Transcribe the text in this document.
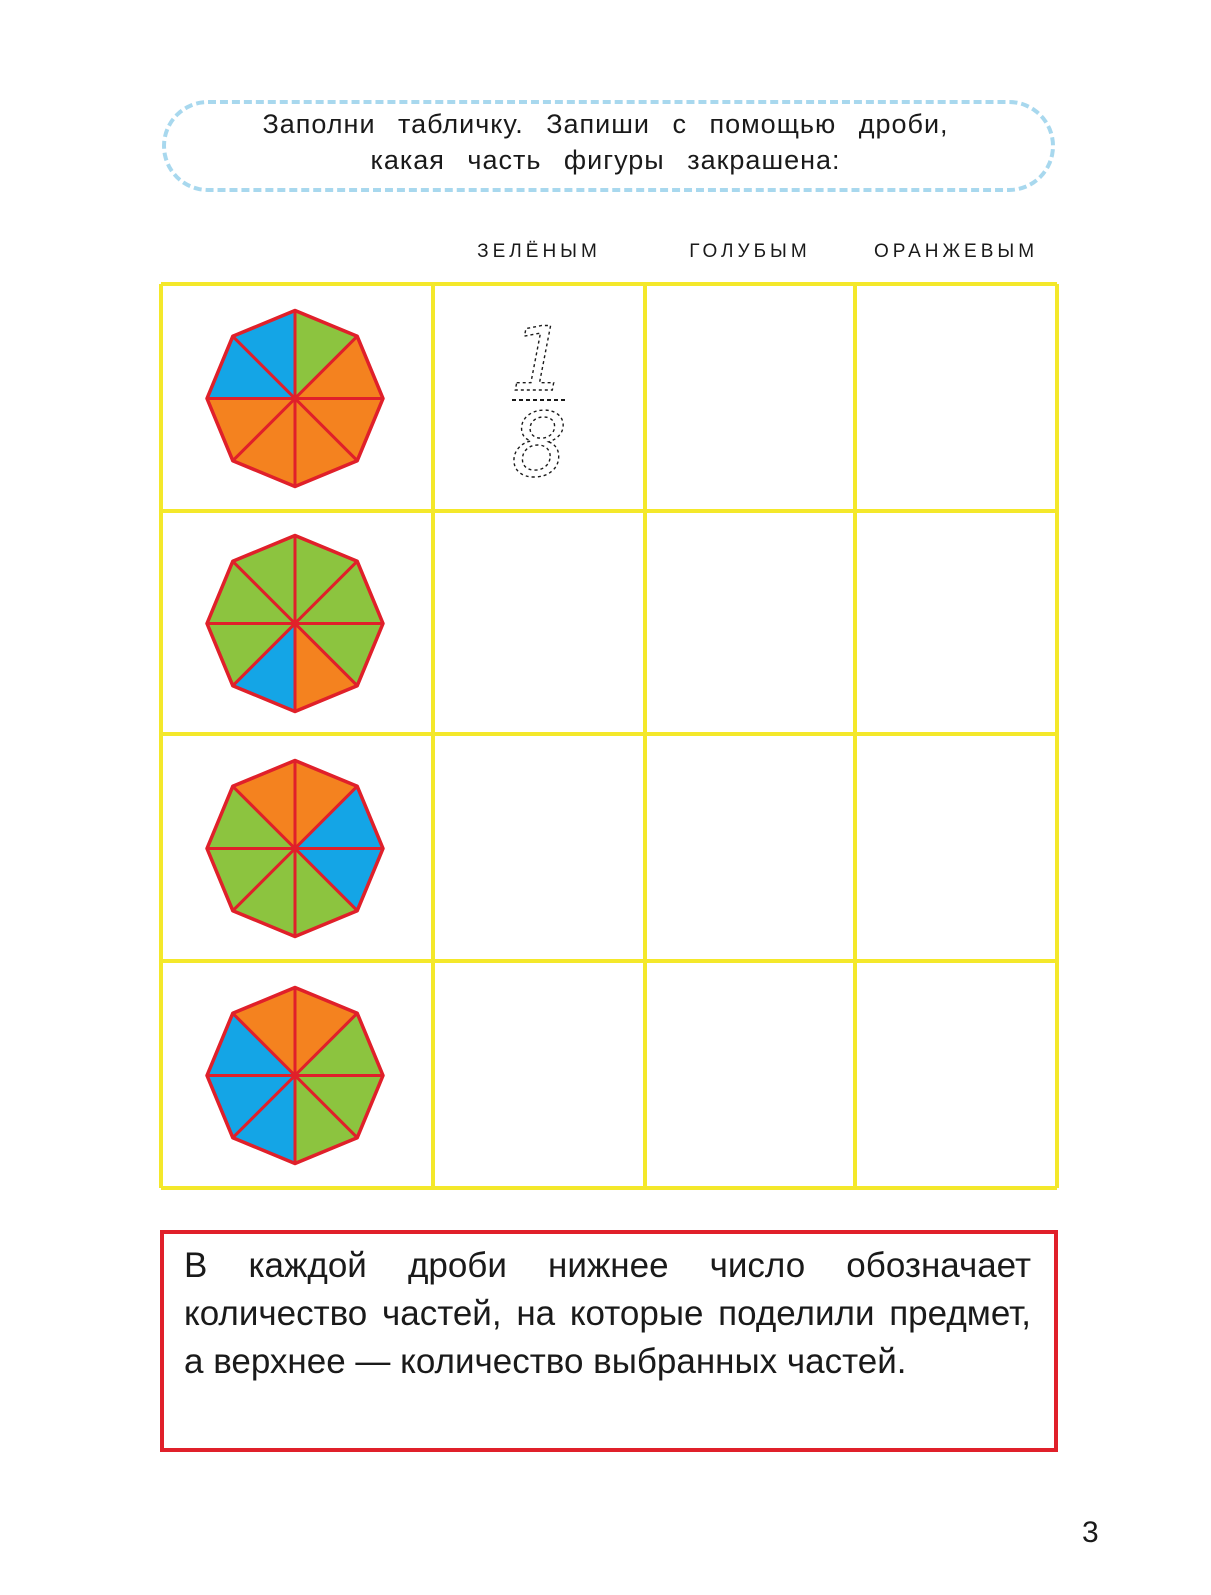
Заполни табличку. Запиши с помощью дроби,
какая часть фигуры закрашена:
ЗЕЛЁНЫМ	ГОЛУБЫМ	ОРАНЖЕВЫМ
1
8
В каждой дроби нижнее число обозначает количество частей, на которые поделили предмет, а верхнее — количество выбранных частей.
3
